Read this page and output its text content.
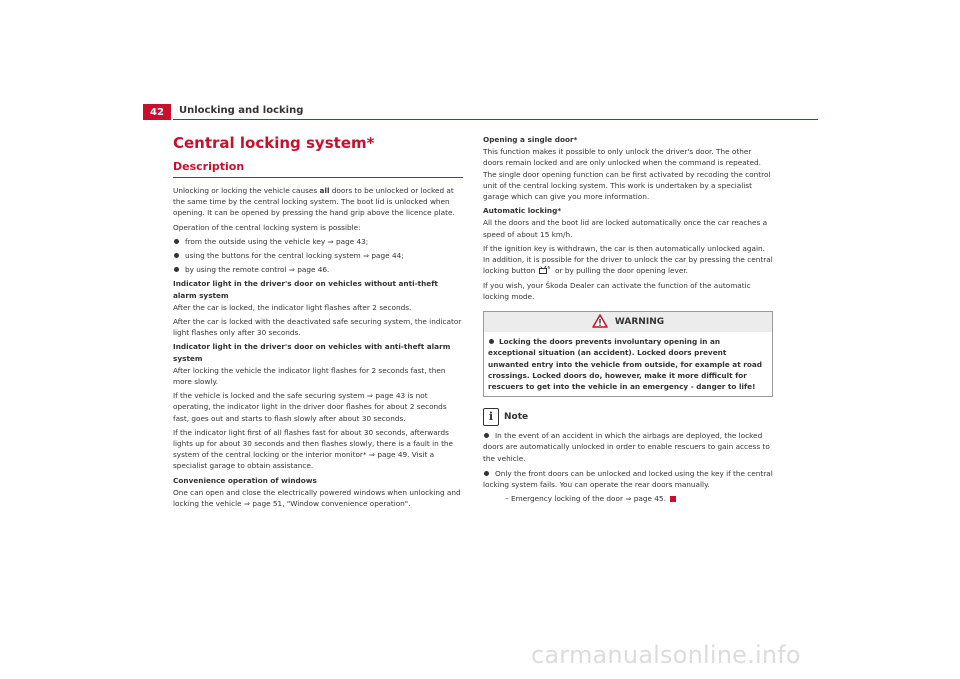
42	Unlocking and locking
Central locking system*
Description

Unlocking or locking the vehicle causes all doors to be unlocked or locked at the same time by the central locking system. The boot lid is unlocked when opening. It can be opened by pressing the hand grip above the licence plate.

Operation of the central locking system is possible:

from the outside using the vehicle key ⇒ page 43;
using the buttons for the central locking system ⇒ page 44;
by using the remote control ⇒ page 46.

Indicator light in the driver's door on vehicles without anti-theft alarm system

After the car is locked, the indicator light flashes after 2 seconds.

After the car is locked with the deactivated safe securing system, the indicator light flashes only after 30 seconds.

Indicator light in the driver's door on vehicles with anti-theft alarm system

After locking the vehicle the indicator light flashes for 2 seconds fast, then more slowly.

If the vehicle is locked and the safe securing system ⇒ page 43 is not operating, the indicator light in the driver door flashes for about 2 seconds fast, goes out and starts to flash slowly after about 30 seconds.

If the indicator light first of all flashes fast for about 30 seconds, afterwards lights up for about 30 seconds and then flashes slowly, there is a fault in the system of the central locking or the interior monitor* ⇒ page 49. Visit a specialist garage to obtain assistance.

Convenience operation of windows

One can open and close the electrically powered windows when unlocking and locking the vehicle ⇒ page 51, "Window convenience operation".

Opening a single door*

This function makes it possible to only unlock the driver's door. The other doors remain locked and are only unlocked when the command is repeated. The single door opening function can be first activated by recoding the control unit of the central locking system. This work is undertaken by a specialist garage which can give you more information.

Automatic locking*

All the doors and the boot lid are locked automatically once the car reaches a speed of about 15 km/h.

If the ignition key is withdrawn, the car is then automatically unlocked again. In addition, it is possible for the driver to unlock the car by pressing the central locking button  or by pulling the door opening lever.

If you wish, your Škoda Dealer can activate the function of the automatic locking mode.

WARNING
Locking the doors prevents involuntary opening in an exceptional situation (an accident). Locked doors prevent unwanted entry into the vehicle from outside, for example at road crossings. Locked doors do, however, make it more difficult for rescuers to get into the vehicle in an emergency - danger to life!
i
Note

In the event of an accident in which the airbags are deployed, the locked doors are automatically unlocked in order to enable rescuers to gain access to the vehicle.

Only the front doors can be unlocked and locked using the key if the central locking system fails. You can operate the rear doors manually.

– Emergency locking of the door ⇒ page 45.
carmanualsonline.info
